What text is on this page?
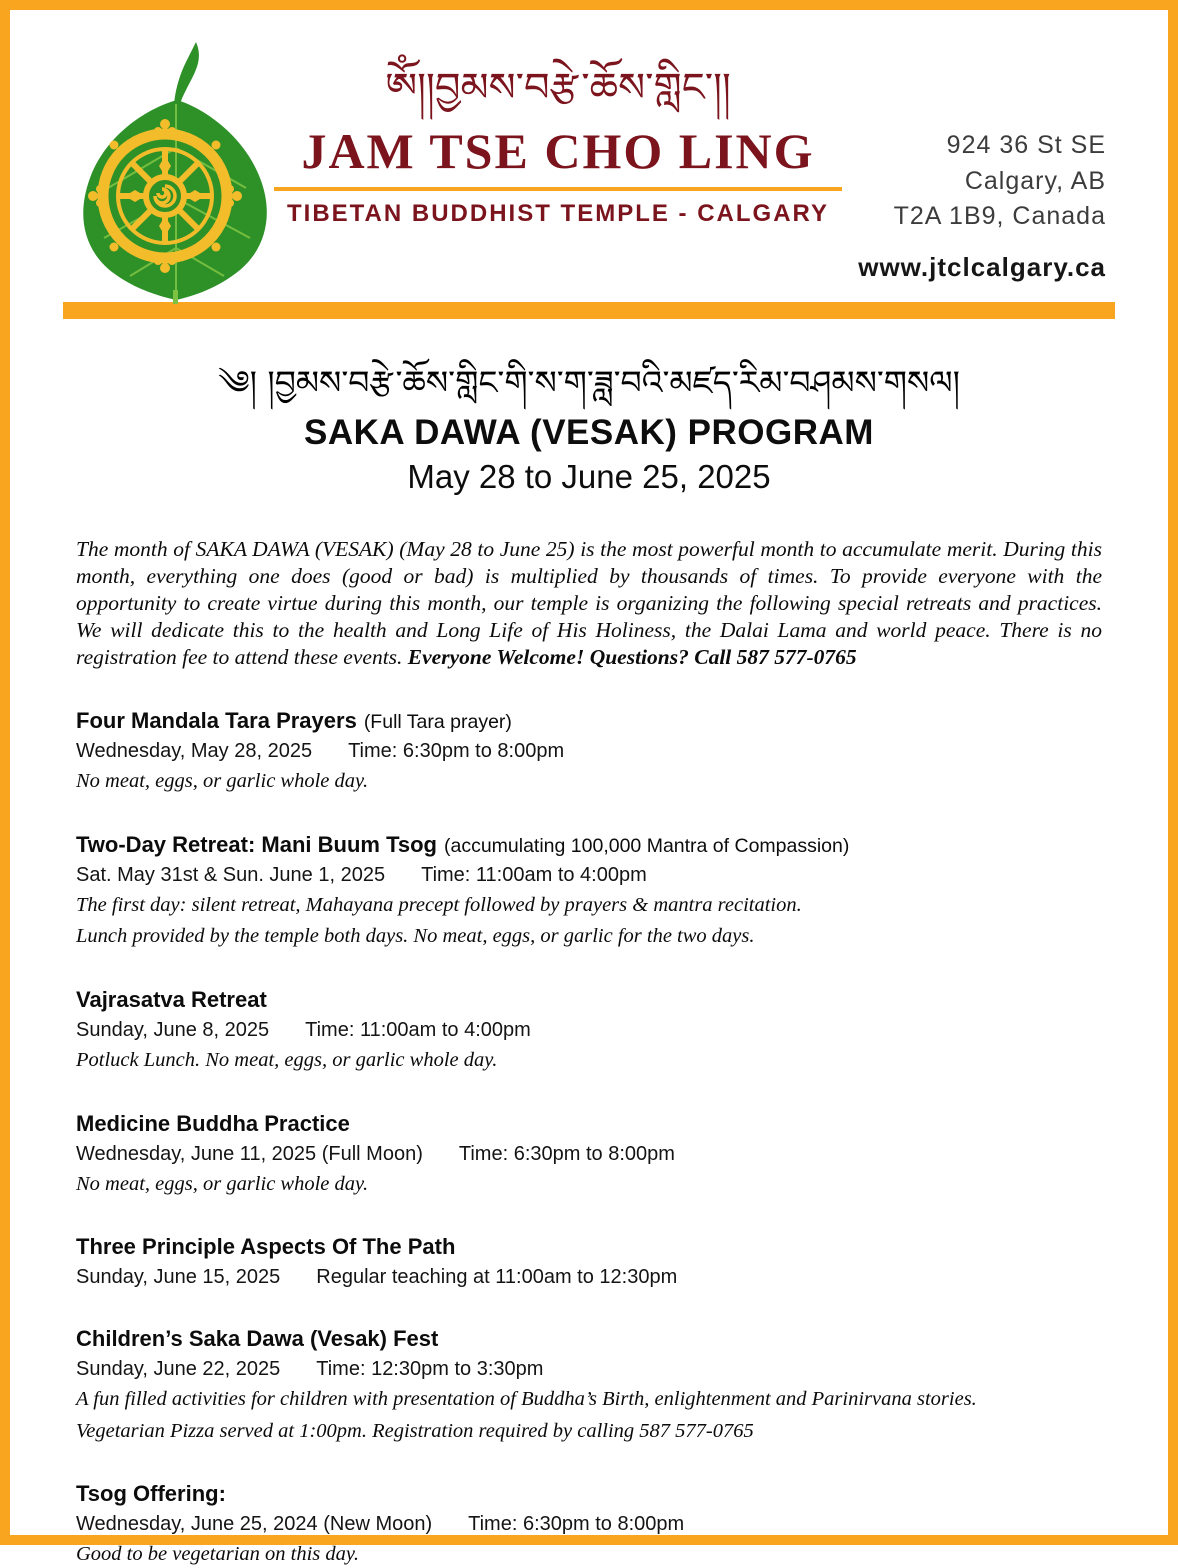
ༀ།།བྱམས་བརྩེ་ཆོས་གླིང་།།
JAM TSE CHO LING
TIBETAN BUDDHIST TEMPLE - CALGARY
924 36 St SE
Calgary, AB
T2A 1B9, Canada
www.jtclcalgary.ca
༄། །བྱམས་བརྩེ་ཆོས་གླིང་གི་ས་ག་ཟླ་བའི་མཛད་རིམ་བཤམས་གསལ།
SAKA DAWA (VESAK) PROGRAM
May 28 to June 25, 2025

The month of SAKA DAWA (VESAK) (May 28 to June 25) is the most powerful month to accumulate merit. During this month, everything one does (good or bad) is multiplied by thousands of times. To provide everyone with the opportunity to create virtue during this month, our temple is organizing the following special retreats and practices. We will dedicate this to the health and Long Life of His Holiness, the Dalai Lama and world peace. There is no registration fee to attend these events. Everyone Welcome! Questions? Call 587 577-0765

Four Mandala Tara Prayers (Full Tara prayer)
Wednesday, May 28, 2025 Time: 6:30pm to 8:00pm
No meat, eggs, or garlic whole day.
Two-Day Retreat: Mani Buum Tsog (accumulating 100,000 Mantra of Compassion)
Sat. May 31st & Sun. June 1, 2025 Time: 11:00am to 4:00pm
The first day: silent retreat, Mahayana precept followed by prayers & mantra recitation.
Lunch provided by the temple both days. No meat, eggs, or garlic for the two days.
Vajrasatva Retreat
Sunday, June 8, 2025 Time: 11:00am to 4:00pm
Potluck Lunch. No meat, eggs, or garlic whole day.
Medicine Buddha Practice
Wednesday, June 11, 2025 (Full Moon) Time: 6:30pm to 8:00pm
No meat, eggs, or garlic whole day.
Three Principle Aspects Of The Path
Sunday, June 15, 2025 Regular teaching at 11:00am to 12:30pm
Children’s Saka Dawa (Vesak) Fest
Sunday, June 22, 2025 Time: 12:30pm to 3:30pm
A fun filled activities for children with presentation of Buddha’s Birth, enlightenment and Parinirvana stories.
Vegetarian Pizza served at 1:00pm. Registration required by calling 587 577-0765
Tsog Offering:
Wednesday, June 25, 2024 (New Moon) Time: 6:30pm to 8:00pm
Good to be vegetarian on this day.
